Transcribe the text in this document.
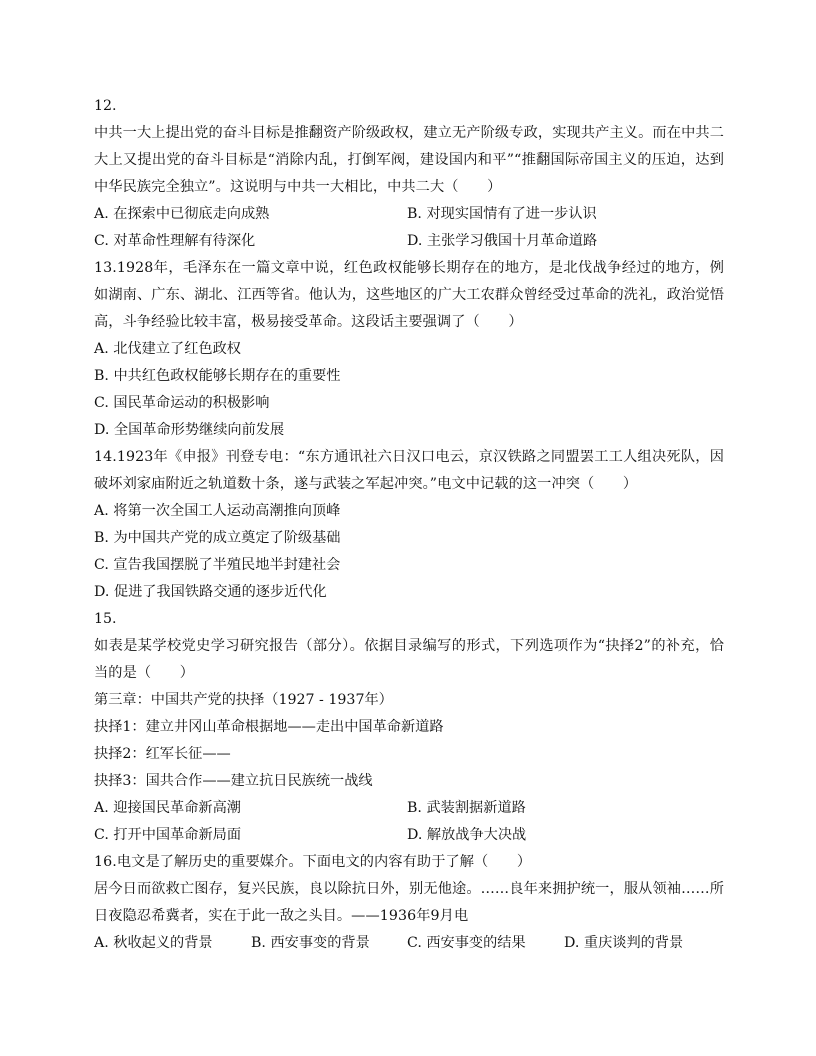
12.
中共一大上提出党的奋斗目标是推翻资产阶级政权，建立无产阶级专政，实现共产主义。而在中共二大上又提出党的奋斗目标是“消除内乱，打倒军阀，建设国内和平”“推翻国际帝国主义的压迫，达到中华民族完全独立”。这说明与中共一大相比，中共二大（　　）
A. 在探索中已彻底走向成熟	B. 对现实国情有了进一步认识
C. 对革命性理解有待深化	D. 主张学习俄国十月革命道路
13.1928年，毛泽东在一篇文章中说，红色政权能够长期存在的地方，是北伐战争经过的地方，例如湖南、广东、湖北、江西等省。他认为，这些地区的广大工农群众曾经受过革命的洗礼，政治觉悟高，斗争经验比较丰富，极易接受革命。这段话主要强调了（　　）
A. 北伐建立了红色政权
B. 中共红色政权能够长期存在的重要性
C. 国民革命运动的积极影响
D. 全国革命形势继续向前发展
14.1923年《申报》刊登专电：“东方通讯社六日汉口电云，京汉铁路之同盟罢工工人组决死队，因破坏刘家庙附近之轨道数十条，遂与武装之军起冲突。”电文中记载的这一冲突（　　）
A. 将第一次全国工人运动高潮推向顶峰
B. 为中国共产党的成立奠定了阶级基础
C. 宣告我国摆脱了半殖民地半封建社会
D. 促进了我国铁路交通的逐步近代化
15.
如表是某学校党史学习研究报告（部分）。依据目录编写的形式，下列选项作为“抉择2”的补充，恰当的是（　　）
第三章：中国共产党的抉择（1927 - 1937年）
抉择1：建立井冈山革命根据地——走出中国革命新道路
抉择2：红军长征——
抉择3：国共合作——建立抗日民族统一战线
A. 迎接国民革命新高潮	B. 武装割据新道路
C. 打开中国革命新局面	D. 解放战争大决战
16.电文是了解历史的重要媒介。下面电文的内容有助于了解（　　）
居今日而欲救亡图存，复兴民族，良以除抗日外，别无他途。……良年来拥护统一，服从领袖……所日夜隐忍希冀者，实在于此一敌之头目。——1936年9月电
A. 秋收起义的背景	B. 西安事变的背景	C. 西安事变的结果	D. 重庆谈判的背景
